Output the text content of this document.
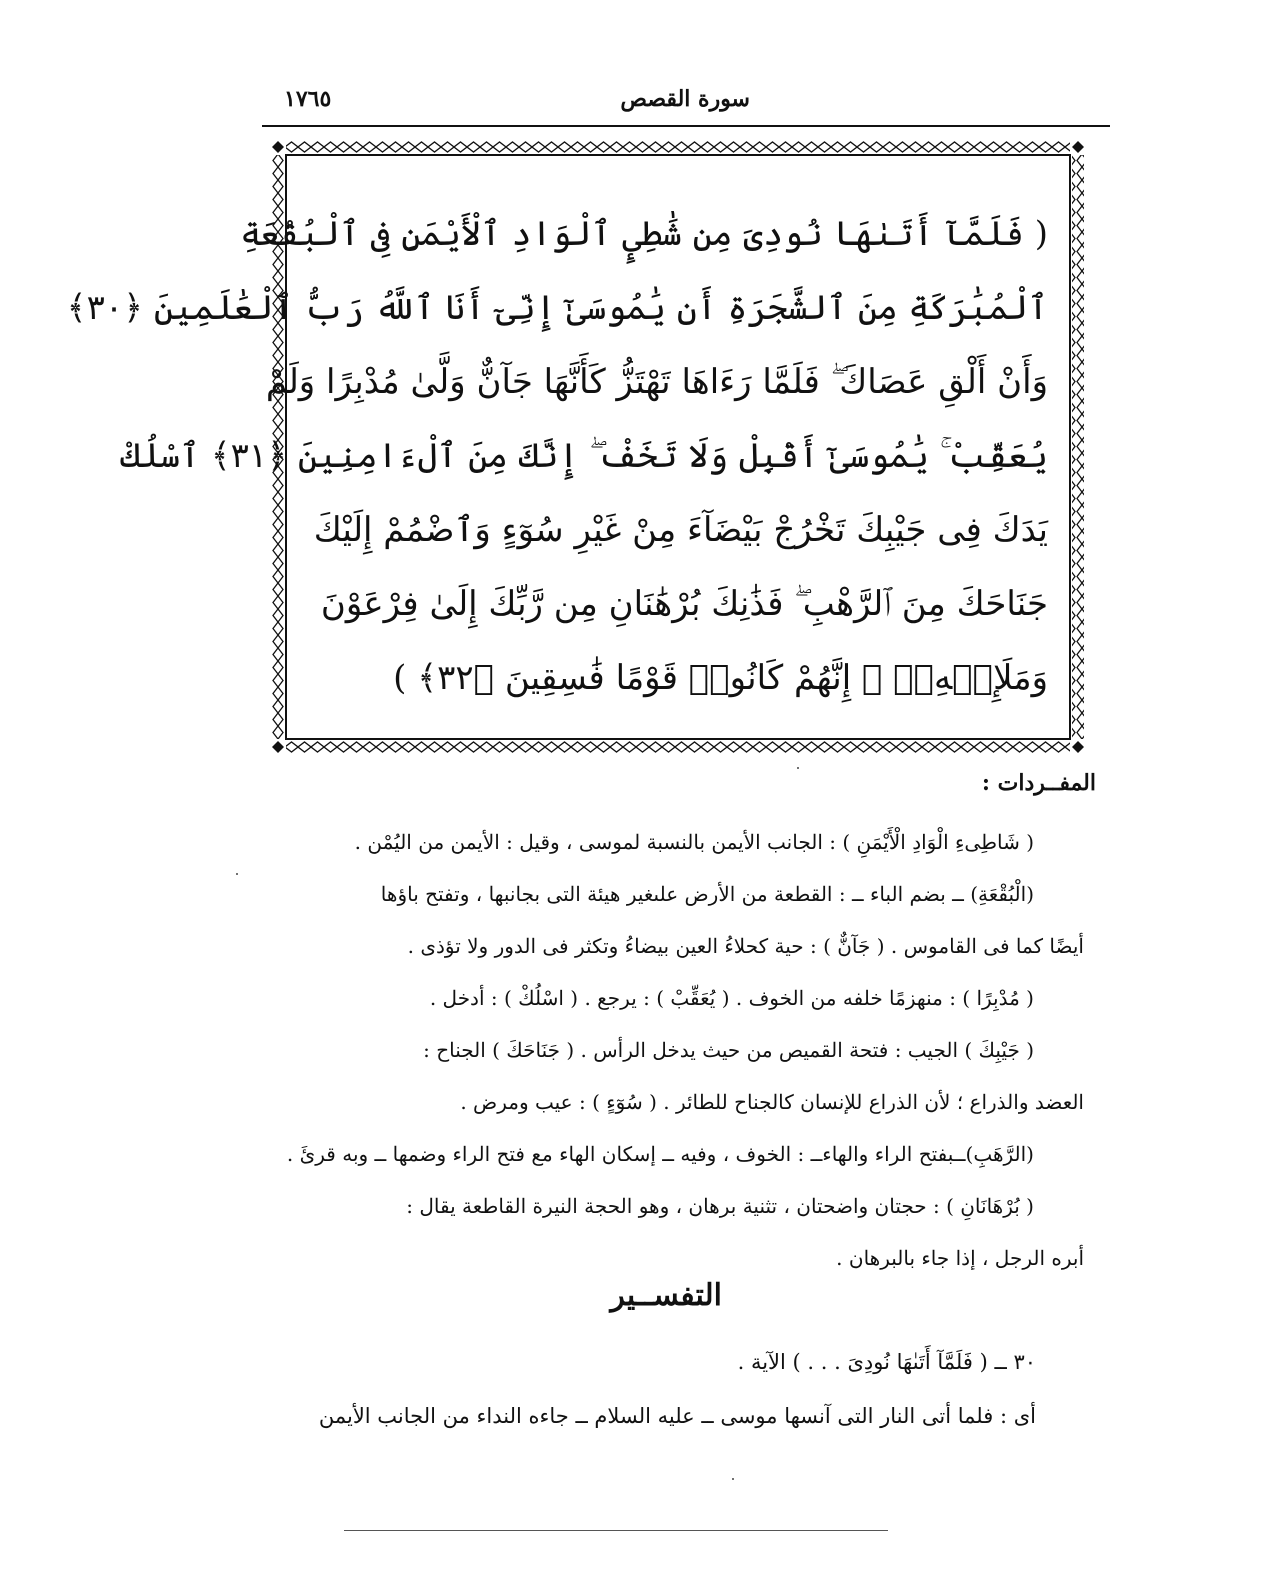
سورة القصص
١٧٦٥
( فَلَمَّآ أَتَىٰهَا نُودِىَ مِن شَٰطِىِٕ ٱلْوَادِ ٱلْأَيْمَنِ فِى ٱلْبُقْعَةِ
ٱلْمُبَٰرَكَةِ مِنَ ٱلشَّجَرَةِ أَن يَٰمُوسَىٰٓ إِنِّىٓ أَنَا ٱللَّهُ رَبُّ ٱلْعَٰلَمِينَ ﴿٣٠﴾
وَأَنْ أَلْقِ عَصَاكَ ۖ فَلَمَّا رَءَاهَا تَهْتَزُّ كَأَنَّهَا جَآنٌّ وَلَّىٰ مُدْبِرًا وَلَمْ
يُعَقِّبْ ۚ يَٰمُوسَىٰٓ أَقْبِلْ وَلَا تَخَفْ ۖ إِنَّكَ مِنَ ٱلْءَامِنِينَ ﴿٣١﴾ ٱسْلُكْ
يَدَكَ فِى جَيْبِكَ تَخْرُجْ بَيْضَآءَ مِنْ غَيْرِ سُوٓءٍ وَٱضْمُمْ إِلَيْكَ
جَنَاحَكَ مِنَ ٱلرَّهْبِ ۖ فَذَٰنِكَ بُرْهَٰنَانِ مِن رَّبِّكَ إِلَىٰ فِرْعَوْنَ
وَمَلَإِي۟هِۦٓ ۚ إِنَّهُمْ كَانُوا۟ قَوْمًا فَٰسِقِينَ ﴿٣٢﴾ )
المفــردات :
( شَاطِىءِ الْوَادِ الْأَيْمَنِ ) : الجانب الأيمن بالنسبة لموسى ، وقيل : الأيمن من اليُمْن .
(الْبُقْعَةِ) ــ بضم الباء ــ : القطعة من الأرض علىغير هيئة التى بجانبها ، وتفتح باؤها
أيضًا كما فى القاموس . ( جَآنٌّ ) : حية كحلاءُ العين بيضاءُ وتكثر فى الدور ولا تؤذى .
( مُدْبِرًا ) : منهزمًا خلفه من الخوف . ( يُعَقِّبْ ) : يرجع . ( اسْلُكْ ) : أدخل .
( جَيْبِكَ ) الجيب : فتحة القميص من حيث يدخل الرأس . ( جَنَاحَكَ ) الجناح :
العضد والذراع ؛ لأن الذراع للإنسان كالجناح للطائر . ( سُوٓءٍ ) : عيب ومرض .
(الرَّهَبِ)ــبفتح الراء والهاءــ : الخوف ، وفيه ــ إسكان الهاء مع فتح الراء وضمها ــ وبه قرئَ .
( بُرْهَانَانِ ) : حجتان واضحتان ، تثنية برهان ، وهو الحجة النيرة القاطعة يقال :
أبره الرجل ، إذا جاء بالبرهان .
التفســير
٣٠ ــ ( فَلَمَّآ أَتَىٰهَا نُودِىَ . . . ) الآية .
أى : فلما أتى النار التى آنسها موسى ــ عليه السلام ــ جاءه النداء من الجانب الأيمن
